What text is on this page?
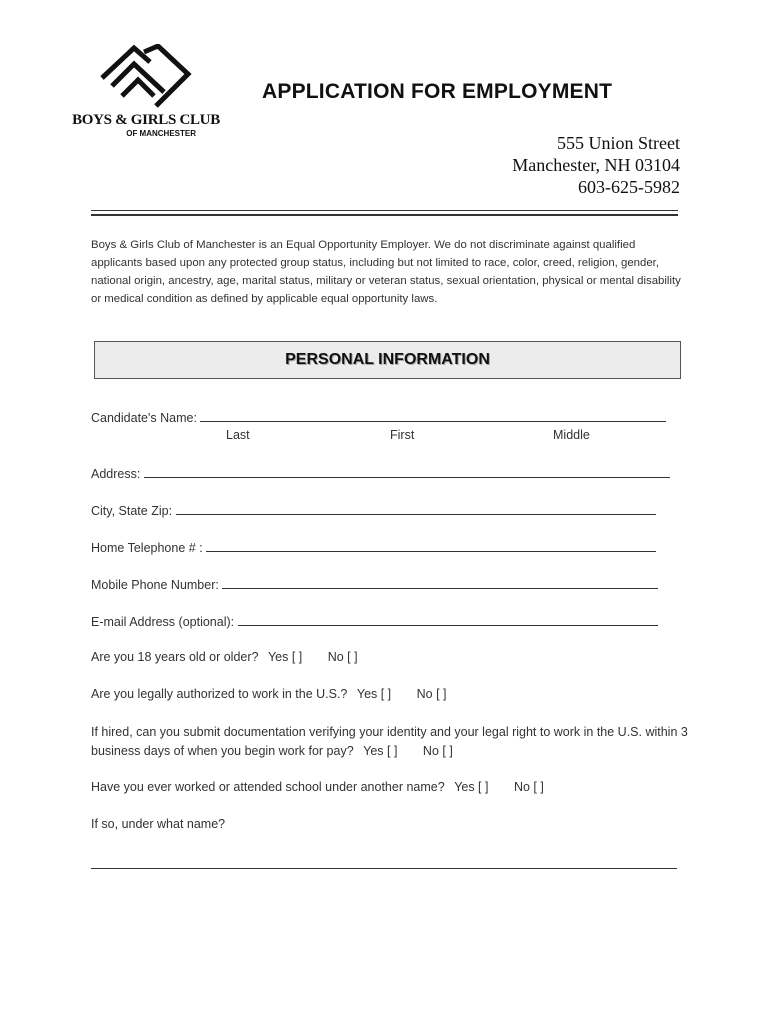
BOYS & GIRLS CLUB
OF MANCHESTER
APPLICATION FOR EMPLOYMENT
555 Union Street
Manchester, NH 03104
603-625-5982
Boys & Girls Club of Manchester is an Equal Opportunity Employer. We do not discriminate against qualified applicants based upon any protected group status, including but not limited to race, color, creed, religion, gender, national origin, ancestry, age, marital status, military or veteran status, sexual orientation, physical or mental disability or medical condition as defined by applicable equal opportunity laws.
PERSONAL INFORMATION
Candidate's Name:
Last	First	Middle
Address:
City, State Zip:
Home Telephone # :
Mobile Phone Number:
E-mail Address (optional):
Are you 18 years old or older? Yes [ ] No [ ]
Are you legally authorized to work in the U.S.? Yes [ ] No [ ]
If hired, can you submit documentation verifying your identity and your legal right to work in the U.S. within 3 business days of when you begin work for pay? Yes [ ] No [ ]
Have you ever worked or attended school under another name? Yes [ ] No [ ]
If so, under what name?
